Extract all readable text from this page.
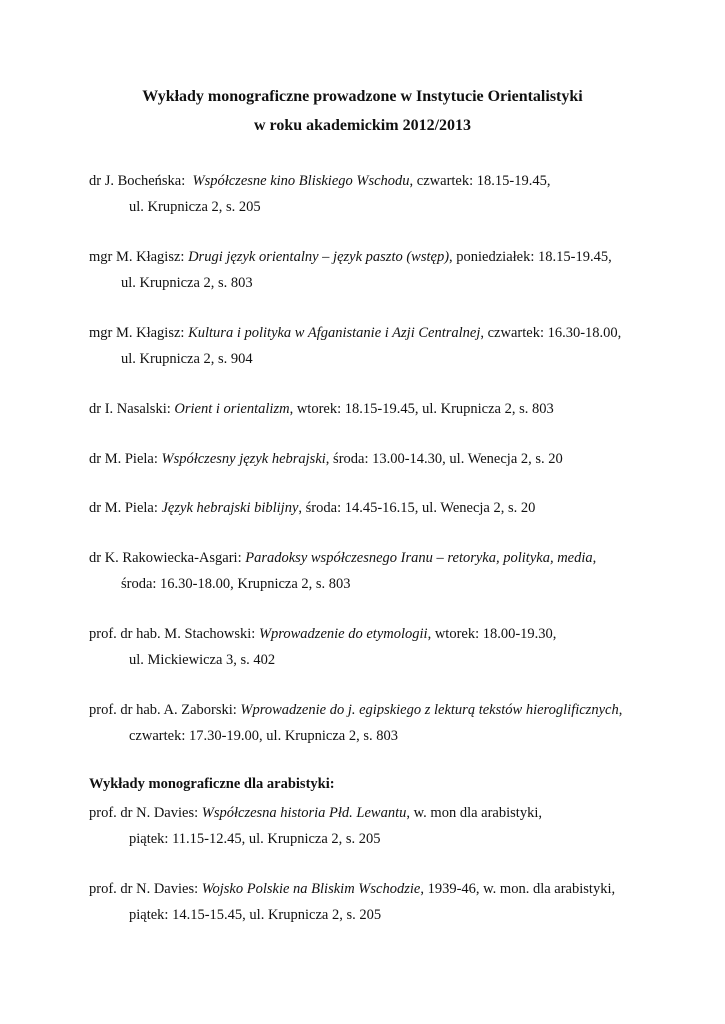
Wykłady monograficzne prowadzone w Instytucie Orientalistyki
w roku akademickim 2012/2013
dr J. Bocheńska: Współczesne kino Bliskiego Wschodu, czwartek: 18.15-19.45,
ul. Krupnicza 2, s. 205
mgr M. Kłagisz: Drugi język orientalny – język paszto (wstęp), poniedziałek: 18.15-19.45,
ul. Krupnicza 2, s. 803
mgr M. Kłagisz: Kultura i polityka w Afganistanie i Azji Centralnej, czwartek: 16.30-18.00,
ul. Krupnicza 2, s. 904
dr I. Nasalski: Orient i orientalizm, wtorek: 18.15-19.45, ul. Krupnicza 2, s. 803
dr M. Piela: Współczesny język hebrajski, środa: 13.00-14.30, ul. Wenecja 2, s. 20
dr M. Piela: Język hebrajski biblijny, środa: 14.45-16.15, ul. Wenecja 2, s. 20
dr K. Rakowiecka-Asgari: Paradoksy współczesnego Iranu – retoryka, polityka, media,
środa: 16.30-18.00, Krupnicza 2, s. 803
prof. dr hab. M. Stachowski: Wprowadzenie do etymologii, wtorek: 18.00-19.30,
ul. Mickiewicza 3, s. 402
prof. dr hab. A. Zaborski: Wprowadzenie do j. egipskiego z lekturą tekstów hieroglificznych,
czwartek: 17.30-19.00, ul. Krupnicza 2, s. 803
Wykłady monograficzne dla arabistyki:
prof. dr N. Davies: Współczesna historia Płd. Lewantu, w. mon dla arabistyki,
piątek: 11.15-12.45, ul. Krupnicza 2, s. 205
prof. dr N. Davies: Wojsko Polskie na Bliskim Wschodzie, 1939-46, w. mon. dla arabistyki,
piątek: 14.15-15.45, ul. Krupnicza 2, s. 205
